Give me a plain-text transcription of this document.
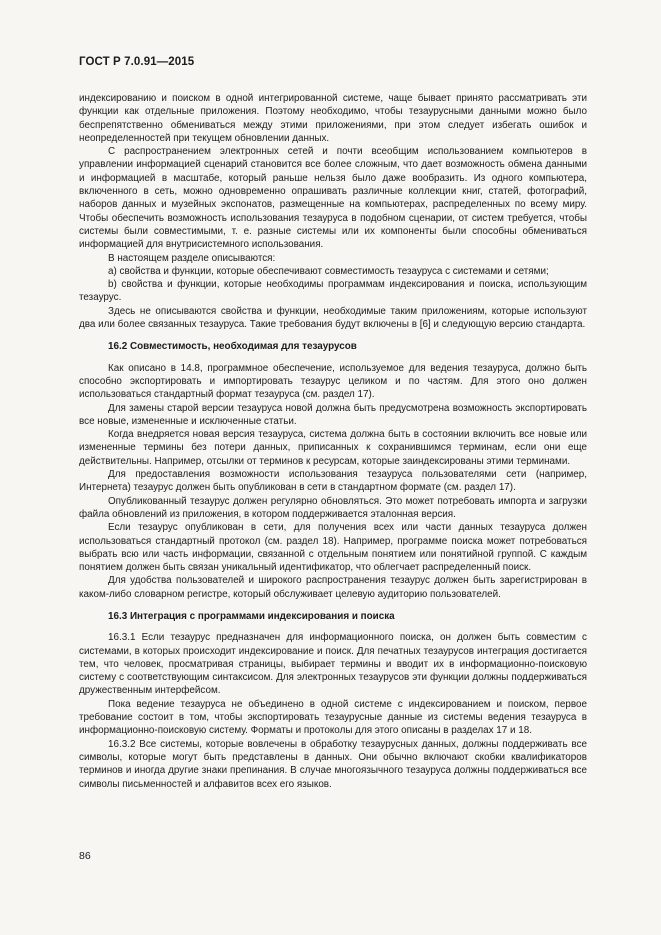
ГОСТ Р 7.0.91—2015

индексированию и поиском в одной интегрированной системе, чаще бывает принято рассматривать эти функции как отдельные приложения. Поэтому необходимо, чтобы тезаурусными данными можно было беспрепятственно обмениваться между этими приложениями, при этом следует избегать ошибок и неопределенностей при текущем обновлении данных.

С распространением электронных сетей и почти всеобщим использованием компьютеров в управлении информацией сценарий становится все более сложным, что дает возможность обмена данными и информацией в масштабе, который раньше нельзя было даже вообразить. Из одного компьютера, включенного в сеть, можно одновременно опрашивать различные коллекции книг, статей, фотографий, наборов данных и музейных экспонатов, размещенные на компьютерах, распределенных по всему миру. Чтобы обеспечить возможность использования тезауруса в подобном сценарии, от систем требуется, чтобы системы были совместимыми, т. е. разные системы или их компоненты были способны обмениваться информацией для внутрисистемного использования.

В настоящем разделе описываются:

a) свойства и функции, которые обеспечивают совместимость тезауруса с системами и сетями;

b) свойства и функции, которые необходимы программам индексирования и поиска, использующим тезаурус.

Здесь не описываются свойства и функции, необходимые таким приложениям, которые используют два или более связанных тезауруса. Такие требования будут включены в [6] и следующую версию стандарта.

16.2 Совместимость, необходимая для тезаурусов

Как описано в 14.8, программное обеспечение, используемое для ведения тезауруса, должно быть способно экспортировать и импортировать тезаурус целиком и по частям. Для этого оно должен использоваться стандартный формат тезауруса (см. раздел 17).

Для замены старой версии тезауруса новой должна быть предусмотрена возможность экспортировать все новые, измененные и исключенные статьи.

Когда внедряется новая версия тезауруса, система должна быть в состоянии включить все новые или измененные термины без потери данных, приписанных к сохранившимся терминам, если они еще действительны. Например, отсылки от терминов к ресурсам, которые заиндексированы этими терминами.

Для предоставления возможности использования тезауруса пользователями сети (например, Интернета) тезаурус должен быть опубликован в сети в стандартном формате (см. раздел 17).

Опубликованный тезаурус должен регулярно обновляться. Это может потребовать импорта и загрузки файла обновлений из приложения, в котором поддерживается эталонная версия.

Если тезаурус опубликован в сети, для получения всех или части данных тезауруса должен использоваться стандартный протокол (см. раздел 18). Например, программе поиска может потребоваться выбрать всю или часть информации, связанной с отдельным понятием или понятийной группой. С каждым понятием должен быть связан уникальный идентификатор, что облегчает распределенный поиск.

Для удобства пользователей и широкого распространения тезаурус должен быть зарегистрирован в каком-либо словарном регистре, который обслуживает целевую аудиторию пользователей.

16.3 Интеграция с программами индексирования и поиска

16.3.1 Если тезаурус предназначен для информационного поиска, он должен быть совместим с системами, в которых происходит индексирование и поиск. Для печатных тезаурусов интеграция достигается тем, что человек, просматривая страницы, выбирает термины и вводит их в информационно-поисковую систему с соответствующим синтаксисом. Для электронных тезаурусов эти функции должны поддерживаться дружественным интерфейсом.

Пока ведение тезауруса не объединено в одной системе с индексированием и поиском, первое требование состоит в том, чтобы экспортировать тезаурусные данные из системы ведения тезауруса в информационно-поисковую систему. Форматы и протоколы для этого описаны в разделах 17 и 18.

16.3.2 Все системы, которые вовлечены в обработку тезаурусных данных, должны поддерживать все символы, которые могут быть представлены в данных. Они обычно включают скобки квалификаторов терминов и иногда другие знаки препинания. В случае многоязычного тезауруса должны поддерживаться все символы письменностей и алфавитов всех его языков.

86
